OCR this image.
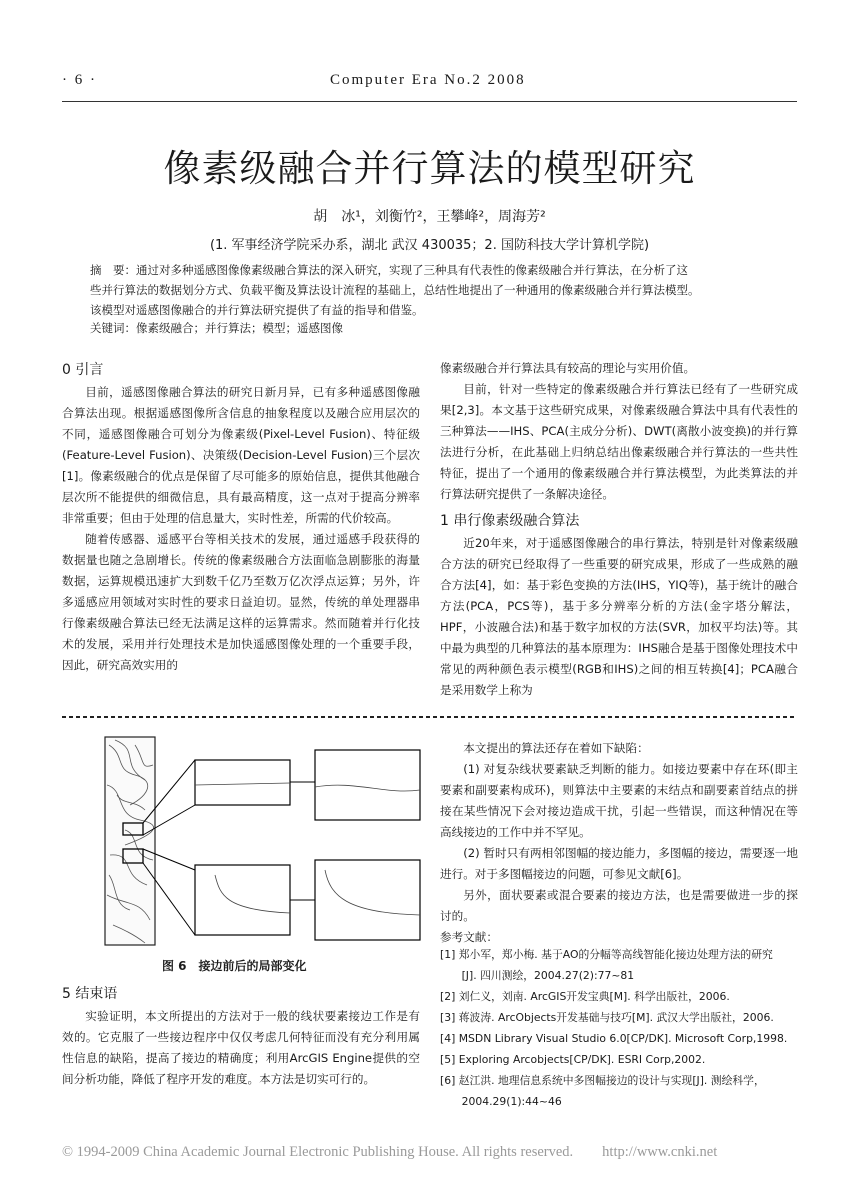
· 6 ·	Computer Era No.2 2008
像素级融合并行算法的模型研究
胡　冰¹，刘衡竹²，王攀峰²，周海芳²
(1. 军事经济学院采办系，湖北 武汉 430035；2. 国防科技大学计算机学院)

摘　要：通过对多种遥感图像像素级融合算法的深入研究，实现了三种具有代表性的像素级融合并行算法，在分析了这

些并行算法的数据划分方式、负载平衡及算法设计流程的基础上，总结性地提出了一种通用的像素级融合并行算法模型。

该模型对遥感图像融合的并行算法研究提供了有益的指导和借鉴。

关键词：像素级融合；并行算法；模型；遥感图像
0 引言

目前，遥感图像融合算法的研究日新月异，已有多种遥感图像融合算法出现。根据遥感图像所含信息的抽象程度以及融合应用层次的不同，遥感图像融合可划分为像素级(Pixel-Level Fusion)、特征级(Feature-Level Fusion)、决策级(Decision-Level Fusion)三个层次[1]。像素级融合的优点是保留了尽可能多的原始信息，提供其他融合层次所不能提供的细微信息，具有最高精度，这一点对于提高分辨率非常重要；但由于处理的信息量大，实时性差，所需的代价较高。

随着传感器、遥感平台等相关技术的发展，通过遥感手段获得的数据量也随之急剧增长。传统的像素级融合方法面临急剧膨胀的海量数据，运算规模迅速扩大到数千亿乃至数万亿次浮点运算；另外，许多遥感应用领域对实时性的要求日益迫切。显然，传统的单处理器串行像素级融合算法已经无法满足这样的运算需求。然而随着并行化技术的发展，采用并行处理技术是加快遥感图像处理的一个重要手段，因此，研究高效实用的

像素级融合并行算法具有较高的理论与实用价值。

目前，针对一些特定的像素级融合并行算法已经有了一些研究成果[2,3]。本文基于这些研究成果，对像素级融合算法中具有代表性的三种算法——IHS、PCA(主成分分析)、DWT(离散小波变换)的并行算法进行分析，在此基础上归纳总结出像素级融合并行算法的一些共性特征，提出了一个通用的像素级融合并行算法模型，为此类算法的并行算法研究提供了一条解决途径。

1 串行像素级融合算法

近20年来，对于遥感图像融合的串行算法，特别是针对像素级融合方法的研究已经取得了一些重要的研究成果，形成了一些成熟的融合方法[4]，如：基于彩色变换的方法(IHS，YIQ等)，基于统计的融合方法(PCA，PCS等)，基于多分辨率分析的方法(金字塔分解法，HPF，小波融合法)和基于数字加权的方法(SVR，加权平均法)等。其中最为典型的几种算法的基本原理为：IHS融合是基于图像处理技术中常见的两种颜色表示模型(RGB和IHS)之间的相互转换[4]；PCA融合是采用数学上称为

图 6　接边前后的局部变化
5 结束语

实验证明，本文所提出的方法对于一般的线状要素接边工作是有效的。它克服了一些接边程序中仅仅考虑几何特征而没有充分利用属性信息的缺陷，提高了接边的精确度；利用ArcGIS Engine提供的空间分析功能，降低了程序开发的难度。本方法是切实可行的。

本文提出的算法还存在着如下缺陷：

(1) 对复杂线状要素缺乏判断的能力。如接边要素中存在环(即主要素和副要素构成环)，则算法中主要素的末结点和副要素首结点的拼接在某些情况下会对接边造成干扰，引起一些错误，而这种情况在等高线接边的工作中并不罕见。

(2) 暂时只有两相邻图幅的接边能力，多图幅的接边，需要逐一地进行。对于多图幅接边的问题，可参见文献[6]。

另外，面状要素或混合要素的接边方法，也是需要做进一步的探讨的。

参考文献：

[1] 郑小军，郑小梅. 基于AO的分幅等高线智能化接边处理方法的研究
　　[J]. 四川测绘，2004.27(2):77~81
[2] 刘仁义，刘南. ArcGIS开发宝典[M]. 科学出版社，2006.
[3] 蒋波涛. ArcObjects开发基础与技巧[M]. 武汉大学出版社，2006.
[4] MSDN Library Visual Studio 6.0[CP/DK]. Microsoft Corp,1998.
[5] Exploring Arcobjects[CP/DK]. ESRI Corp,2002.
[6] 赵江洪. 地理信息系统中多图幅接边的设计与实现[J]. 测绘科学，
　　2004.29(1):44~46
© 1994-2009 China Academic Journal Electronic Publishing House. All rights reserved.　　http://www.cnki.net
